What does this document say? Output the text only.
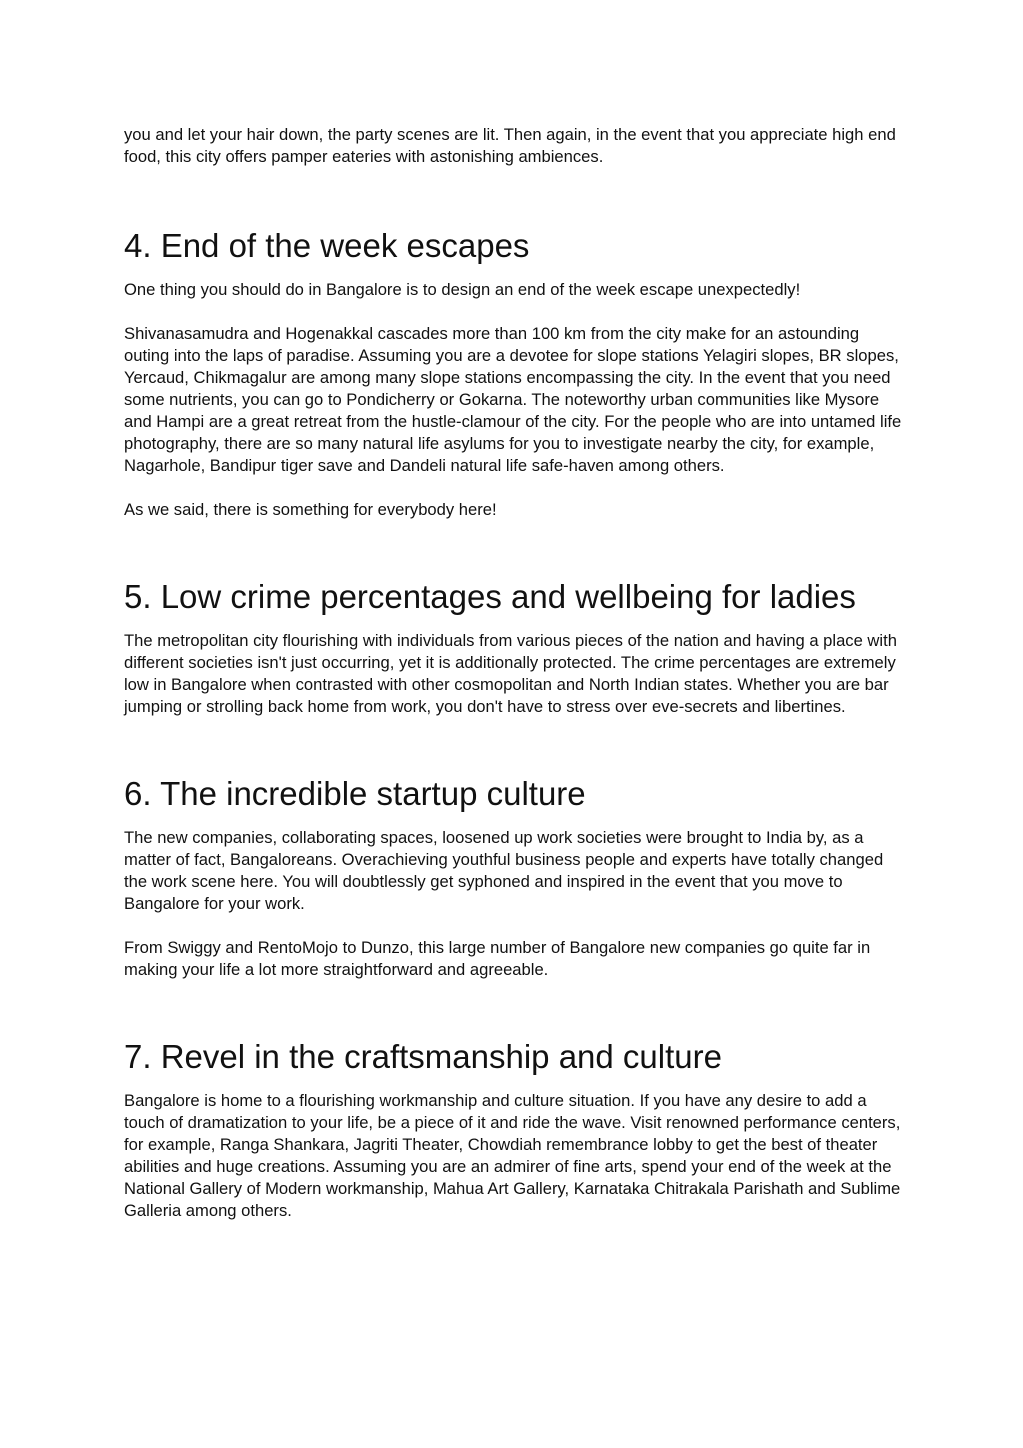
you and let your hair down, the party scenes are lit. Then again, in the event that you appreciate high end food, this city offers pamper eateries with astonishing ambiences.

4. End of the week escapes

One thing you should do in Bangalore is to design an end of the week escape unexpectedly!

Shivanasamudra and Hogenakkal cascades more than 100 km from the city make for an astounding outing into the laps of paradise. Assuming you are a devotee for slope stations Yelagiri slopes, BR slopes, Yercaud, Chikmagalur are among many slope stations encompassing the city. In the event that you need some nutrients, you can go to Pondicherry or Gokarna. The noteworthy urban communities like Mysore and Hampi are a great retreat from the hustle-clamour of the city. For the people who are into untamed life photography, there are so many natural life asylums for you to investigate nearby the city, for example, Nagarhole, Bandipur tiger save and Dandeli natural life safe-haven among others.

As we said, there is something for everybody here!

5. Low crime percentages and wellbeing for ladies

The metropolitan city flourishing with individuals from various pieces of the nation and having a place with different societies isn't just occurring, yet it is additionally protected. The crime percentages are extremely low in Bangalore when contrasted with other cosmopolitan and North Indian states. Whether you are bar jumping or strolling back home from work, you don't have to stress over eve-secrets and libertines.

6. The incredible startup culture

The new companies, collaborating spaces, loosened up work societies were brought to India by, as a matter of fact, Bangaloreans. Overachieving youthful business people and experts have totally changed the work scene here. You will doubtlessly get syphoned and inspired in the event that you move to Bangalore for your work.

From Swiggy and RentoMojo to Dunzo, this large number of Bangalore new companies go quite far in making your life a lot more straightforward and agreeable.

7. Revel in the craftsmanship and culture

Bangalore is home to a flourishing workmanship and culture situation. If you have any desire to add a touch of dramatization to your life, be a piece of it and ride the wave. Visit renowned performance centers, for example, Ranga Shankara, Jagriti Theater, Chowdiah remembrance lobby to get the best of theater abilities and huge creations. Assuming you are an admirer of fine arts, spend your end of the week at the National Gallery of Modern workmanship, Mahua Art Gallery, Karnataka Chitrakala Parishath and Sublime Galleria among others.
